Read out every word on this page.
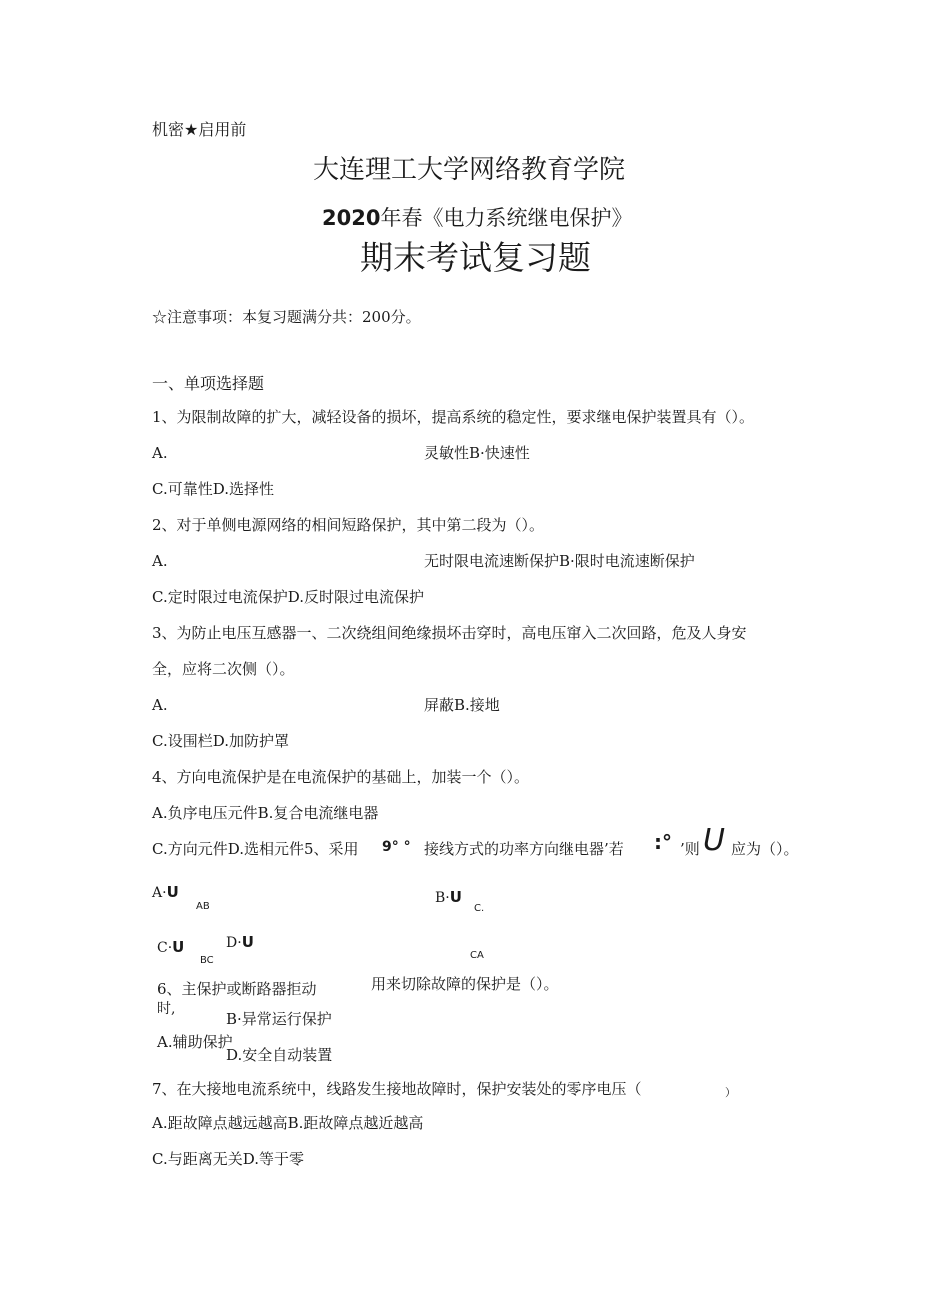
机密★启用前
大连理工大学网络教育学院
2020年春《电力系统继电保护》
期末考试复习题
☆注意事项：本复习题满分共：200分。
一、单项选择题
1、为限制故障的扩大，减轻设备的损坏，提高系统的稳定性，要求继电保护装置具有（）。
A.	灵敏性B·快速性
C.可靠性D.选择性
2、对于单侧电源网络的相间短路保护，其中第二段为（）。
A.	无时限电流速断保护B·限时电流速断保护
C.定时限过电流保护D.反时限过电流保护
3、为防止电压互感器一、二次绕组间绝缘损坏击穿时，高电压窜入二次回路，危及人身安
全，应将二次侧（）。
A.	屏蔽B.接地
C.设围栏D.加防护罩
4、方向电流保护是在电流保护的基础上，加装一个（）。
A.负序电压元件B.复合电流继电器
C.方向元件D.选相元件5、采用 9° ° 接线方式的功率方向继电器’若 :° ’则 U 应为（）。
A·U
AB
B·U
C.
C·U
BC
D·U
CA
6、主保护或断路器拒动	用来切除故障的保护是（）。
时,
B·异常运行保护
A.辅助保护
D.安全自动装置
7、在大接地电流系统中，线路发生接地故障时，保护安装处的零序电压（	）
A.距故障点越远越高B.距故障点越近越高
C.与距离无关D.等于零
